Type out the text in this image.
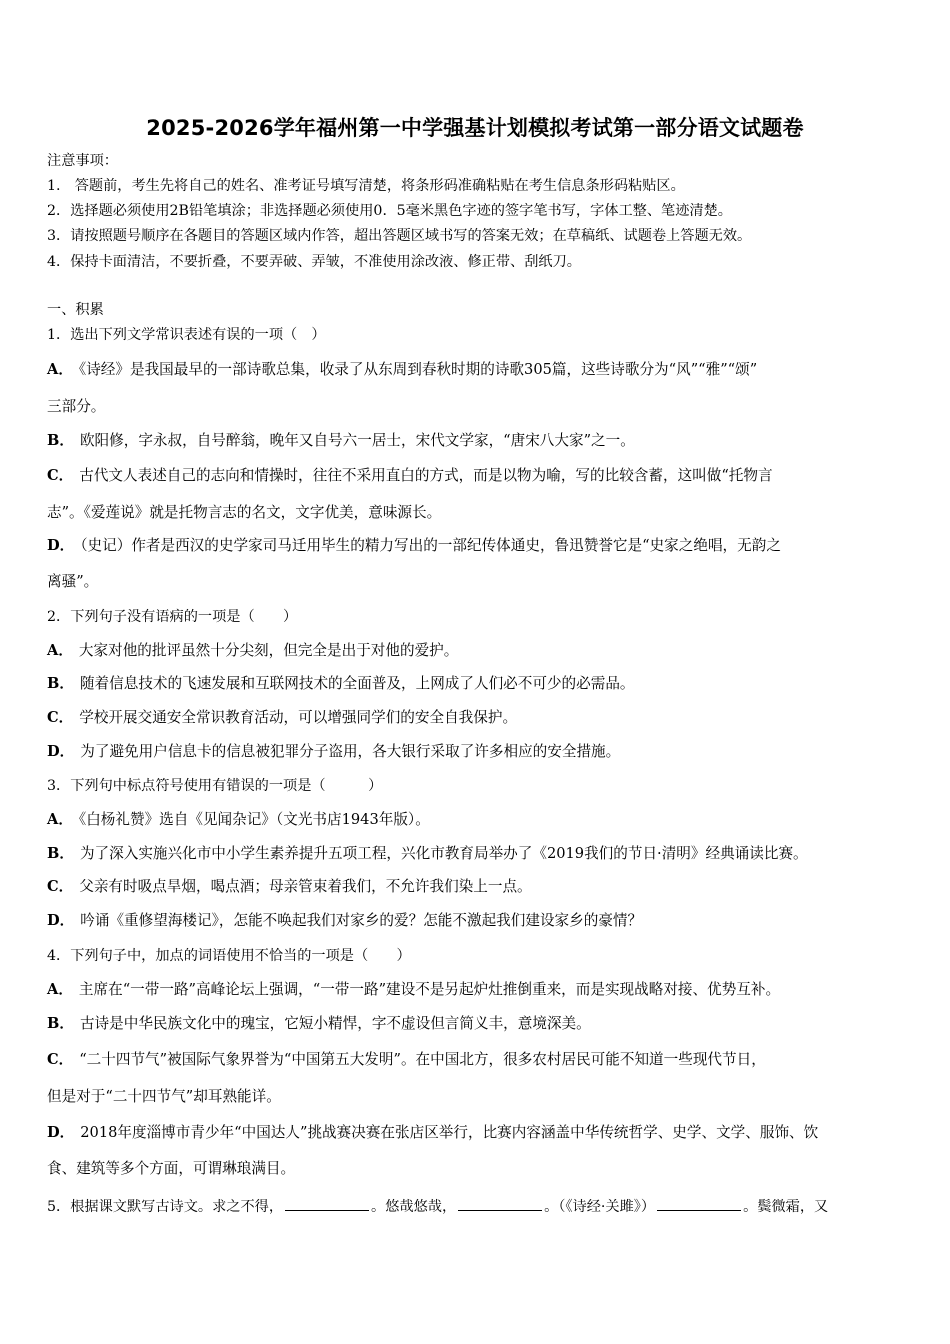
2025-2026学年福州第一中学强基计划模拟考试第一部分语文试题卷
注意事项：
1.　答题前，考生先将自己的姓名、准考证号填写清楚，将条形码准确粘贴在考生信息条形码粘贴区。
2．选择题必须使用2B铅笔填涂；非选择题必须使用0．5毫米黑色字迹的签字笔书写，字体工整、笔迹清楚。
3．请按照题号顺序在各题目的答题区域内作答，超出答题区域书写的答案无效；在草稿纸、试题卷上答题无效。
4．保持卡面清洁，不要折叠，不要弄破、弄皱，不准使用涂改液、修正带、刮纸刀。
一、积累
1．选出下列文学常识表述有误的一项（　）
A． 《诗经》是我国最早的一部诗歌总集，收录了从东周到春秋时期的诗歌305篇，这些诗歌分为“风”“雅”“颂”
三部分。
B． 欧阳修，字永叔，自号醉翁，晚年又自号六一居士，宋代文学家，“唐宋八大家”之一。
C． 古代文人表述自己的志向和情操时，往往不采用直白的方式，而是以物为喻，写的比较含蓄，这叫做“托物言
志”。《爱莲说》就是托物言志的名文，文字优美，意味源长。
D． （史记）作者是西汉的史学家司马迁用毕生的精力写出的一部纪传体通史，鲁迅赞誉它是“史家之绝唱，无韵之
离骚”。
2．下列句子没有语病的一项是（　　）
A． 大家对他的批评虽然十分尖刻，但完全是出于对他的爱护。
B． 随着信息技术的飞速发展和互联网技术的全面普及，上网成了人们必不可少的必需品。
C． 学校开展交通安全常识教育活动，可以增强同学们的安全自我保护。
D． 为了避免用户信息卡的信息被犯罪分子盗用，各大银行采取了许多相应的安全措施。
3．下列句中标点符号使用有错误的一项是（　　　）
A． 《白杨礼赞》选自《见闻杂记》（文光书店1943年版）。
B． 为了深入实施兴化市中小学生素养提升五项工程，兴化市教育局举办了《2019我们的节日·清明》经典诵读比赛。
C． 父亲有时吸点旱烟，喝点酒；母亲管束着我们，不允许我们染上一点。
D． 吟诵《重修望海楼记》，怎能不唤起我们对家乡的爱？怎能不激起我们建设家乡的豪情？
4．下列句子中，加点的词语使用不恰当的一项是（　　）
A． 主席在“一带一路”高峰论坛上强调，“一带一路”建设不是另起炉灶推倒重来，而是实现战略对接、优势互补。
B． 古诗是中华民族文化中的瑰宝，它短小精悍，字不虚设但言简义丰，意境深美。
C． “二十四节气”被国际气象界誉为“中国第五大发明”。在中国北方，很多农村居民可能不知道一些现代节日，
但是对于“二十四节气”却耳熟能详。
D． 2018年度淄博市青少年“中国达人”挑战赛决赛在张店区举行，比赛内容涵盖中华传统哲学、史学、文学、服饰、饮
食、建筑等多个方面，可谓琳琅满目。
5．根据课文默写古诗文。求之不得，	。悠哉悠哉，	。（《诗经·关雎》）	。鬓微霜，又
